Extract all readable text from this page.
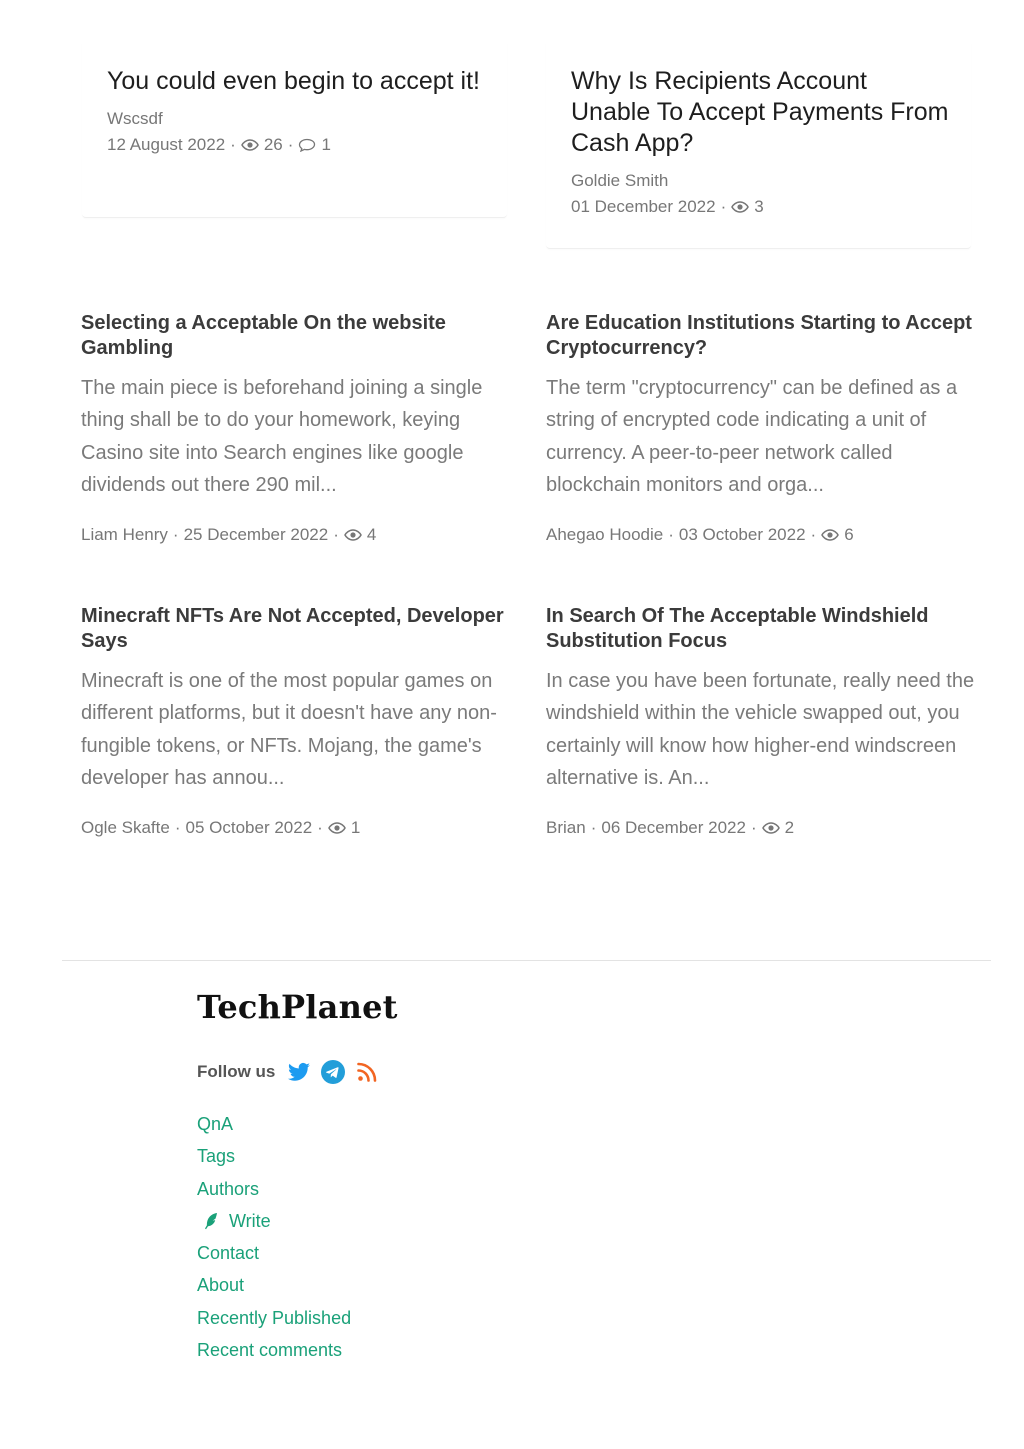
You could even begin to accept it!
Wscsdf
12 August 2022 · 26 · 1
Why Is Recipients Account Unable To Accept Payments From Cash App?
Goldie Smith
01 December 2022 · 3
Selecting a Acceptable On the website Gambling
The main piece is beforehand joining a single thing shall be to do your homework, keying Casino site into Search engines like google dividends out there 290 mil...
Liam Henry · 25 December 2022 · 4
Are Education Institutions Starting to Accept Cryptocurrency?
The term "cryptocurrency" can be defined as a string of encrypted code indicating a unit of currency. A peer-to-peer network called blockchain monitors and orga...
Ahegao Hoodie · 03 October 2022 · 6
Minecraft NFTs Are Not Accepted, Developer Says
Minecraft is one of the most popular games on different platforms, but it doesn't have any non-fungible tokens, or NFTs. Mojang, the game's developer has annou...
Ogle Skafte · 05 October 2022 · 1
In Search Of The Acceptable Windshield Substitution Focus
In case you have been fortunate, really need the windshield within the vehicle swapped out, you certainly will know how higher-end windscreen alternative is. An...
Brian · 06 December 2022 · 2
TechPlanet
Follow us
QnA
Tags
Authors
Write
Contact
About
Recently Published
Recent comments
